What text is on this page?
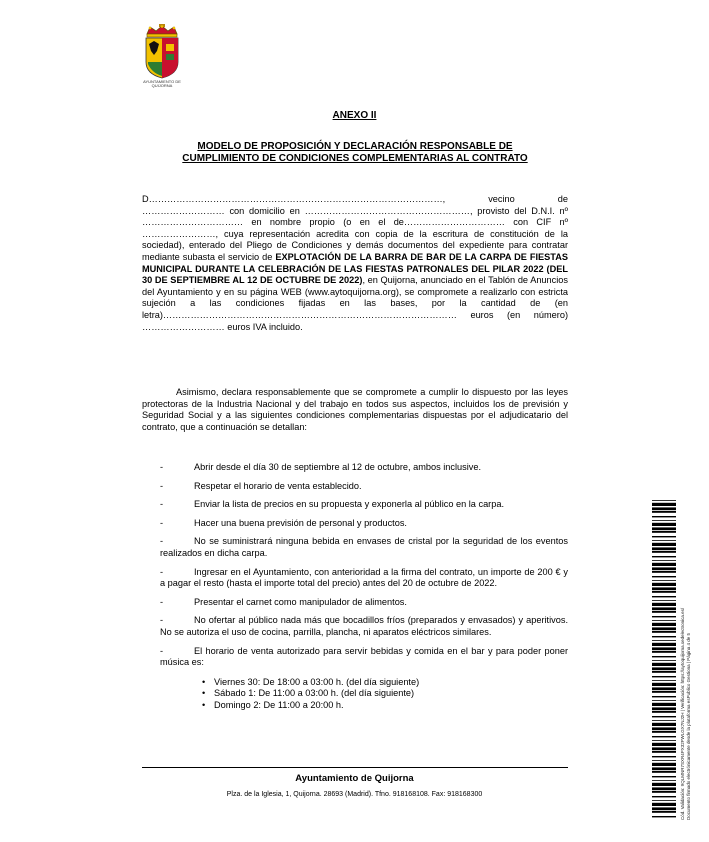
AYUNTAMIENTO DE QUIJORNA
ANEXO II
MODELO DE PROPOSICIÓN Y DECLARACIÓN RESPONSABLE DE
CUMPLIMIENTO DE CONDICIONES COMPLEMENTARIAS AL CONTRATO
D……………………………………………………………………………………, vecino de ……………………… con domicilio en ………………………………………………, provisto del D.N.I. nº …………………………… en nombre propio (o en el de…………………………… con CIF nº ……………………, cuya representación acredita con copia de la escritura de constitución de la sociedad), enterado del Pliego de Condiciones y demás documentos del expediente para contratar mediante subasta el servicio de EXPLOTACIÓN DE LA BARRA DE BAR DE LA CARPA DE FIESTAS MUNICIPAL DURANTE LA CELEBRACIÓN DE LAS FIESTAS PATRONALES DEL PILAR 2022 (DEL 30 DE SEPTIEMBRE AL 12 DE OCTUBRE DE 2022), en Quijorna, anunciado en el Tablón de Anuncios del Ayuntamiento y en su página WEB (www.aytoquijorna.org), se compromete a realizarlo con estricta sujeción a las condiciones fijadas en las bases, por la cantidad de (en letra)…………………………………………………………………………………… euros (en número) ……………………… euros IVA incluido.
Asimismo, declara responsablemente que se compromete a cumplir lo dispuesto por las leyes protectoras de la Industria Nacional y del trabajo en todos sus aspectos, incluidos los de previsión y Seguridad Social y a las siguientes condiciones complementarias dispuestas por el adjudicatario del contrato, que a continuación se detallan:
-	Abrir desde el día 30 de septiembre al 12 de octubre, ambos inclusive.
-	Respetar el horario de venta establecido.
-	Enviar la lista de precios en su propuesta y exponerla al público en la carpa.
-	Hacer una buena previsión de personal y productos.
-	No se suministrará ninguna bebida en envases de cristal por la seguridad de los eventos realizados en dicha carpa.
-	Ingresar en el Ayuntamiento, con anterioridad a la firma del contrato, un importe de 200 € y a pagar el resto (hasta el importe total del precio) antes del 20 de octubre de 2022.
-	Presentar el carnet como manipulador de alimentos.
-	No ofertar al público nada más que bocadillos fríos (preparados y envasados) y aperitivos. No se autoriza el uso de cocina, parrilla, plancha, ni aparatos eléctricos similares.
-	El horario de venta autorizado para servir bebidas y comida en el bar y para poder poner música es:
• Viernes 30: De 18:00 a 03:00 h. (del día siguiente)
• Sábado 1: De 11:00 a 03:00 h. (del día siguiente)
• Domingo 2: De 11:00 a 20:00 h.
Ayuntamiento de Quijorna
Plza. de la Iglesia, 1, Quijorna. 28693 (Madrid). Tfno. 918168108. Fax: 918168300	Cód. Validación: 9QLMNR7SXR4PX32FWLGX7NJ2H | Verificación: https://aytoquijorna.sedelectronica.es/ Documento firmado electrónicamente desde la plataforma esPublico Gestiona | Página 4 de 5
